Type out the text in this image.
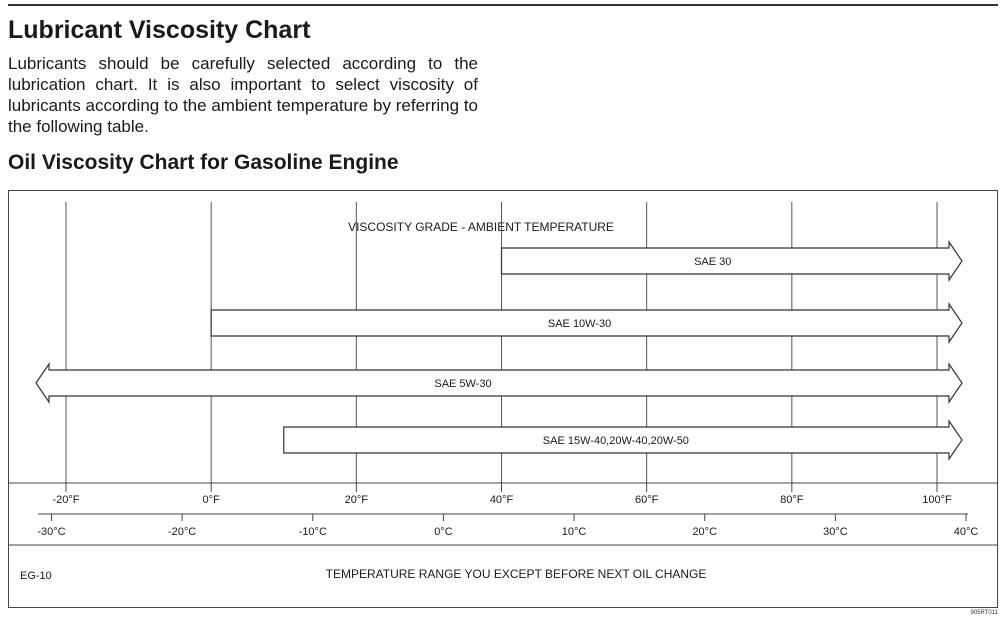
Lubricant Viscosity Chart

Lubricants should be carefully selected according to the lubrication chart. It is also important to select viscosity of lubricants according to the ambient temperature by referring to the following table.

Oil Viscosity Chart for Gasoline Engine
VISCOSITY GRADE - AMBIENT TEMPERATURE
SAE 30
SAE 10W-30
SAE 5W-30
SAE 15W-40,20W-40,20W-50
-20°F	0°F	20°F	40°F	60°F	80°F	100°F
-30°C	-20°C	-10°C	0°C	10°C	20°C	30°C	40°C
EG-10	TEMPERATURE RANGE YOU EXCEPT BEFORE NEXT OIL CHANGE
905RT011
